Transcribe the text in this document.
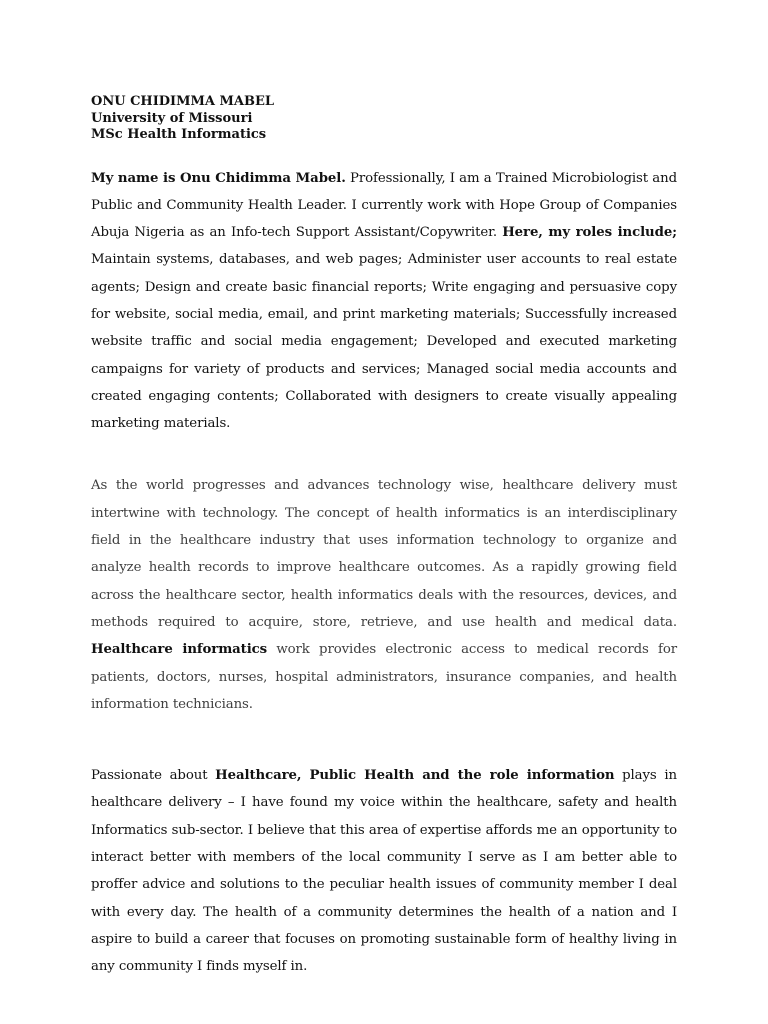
ONU CHIDIMMA MABEL
University of Missouri
MSc Health Informatics

My name is Onu Chidimma Mabel. Professionally, I am a Trained Microbiologist and Public and Community Health Leader. I currently work with Hope Group of Companies Abuja Nigeria as an Info-tech Support Assistant/Copywriter. Here, my roles include; Maintain systems, databases, and web pages; Administer user accounts to real estate agents; Design and create basic financial reports; Write engaging and persuasive copy for website, social media, email, and print marketing materials; Successfully increased website traffic and social media engagement; Developed and executed marketing campaigns for variety of products and services; Managed social media accounts and created engaging contents; Collaborated with designers to create visually appealing marketing materials.

As the world progresses and advances technology wise, healthcare delivery must intertwine with technology. The concept of health informatics is an interdisciplinary field in the healthcare industry that uses information technology to organize and analyze health records to improve healthcare outcomes. As a rapidly growing field across the healthcare sector, health informatics deals with the resources, devices, and methods required to acquire, store, retrieve, and use health and medical data. Healthcare informatics work provides electronic access to medical records for patients, doctors, nurses, hospital administrators, insurance companies, and health information technicians.

Passionate about Healthcare, Public Health and the role information plays in healthcare delivery – I have found my voice within the healthcare, safety and health Informatics sub-sector. I believe that this area of expertise affords me an opportunity to interact better with members of the local community I serve as I am better able to proffer advice and solutions to the peculiar health issues of community member I deal with every day. The health of a community determines the health of a nation and I aspire to build a career that focuses on promoting sustainable form of healthy living in any community I finds myself in.
